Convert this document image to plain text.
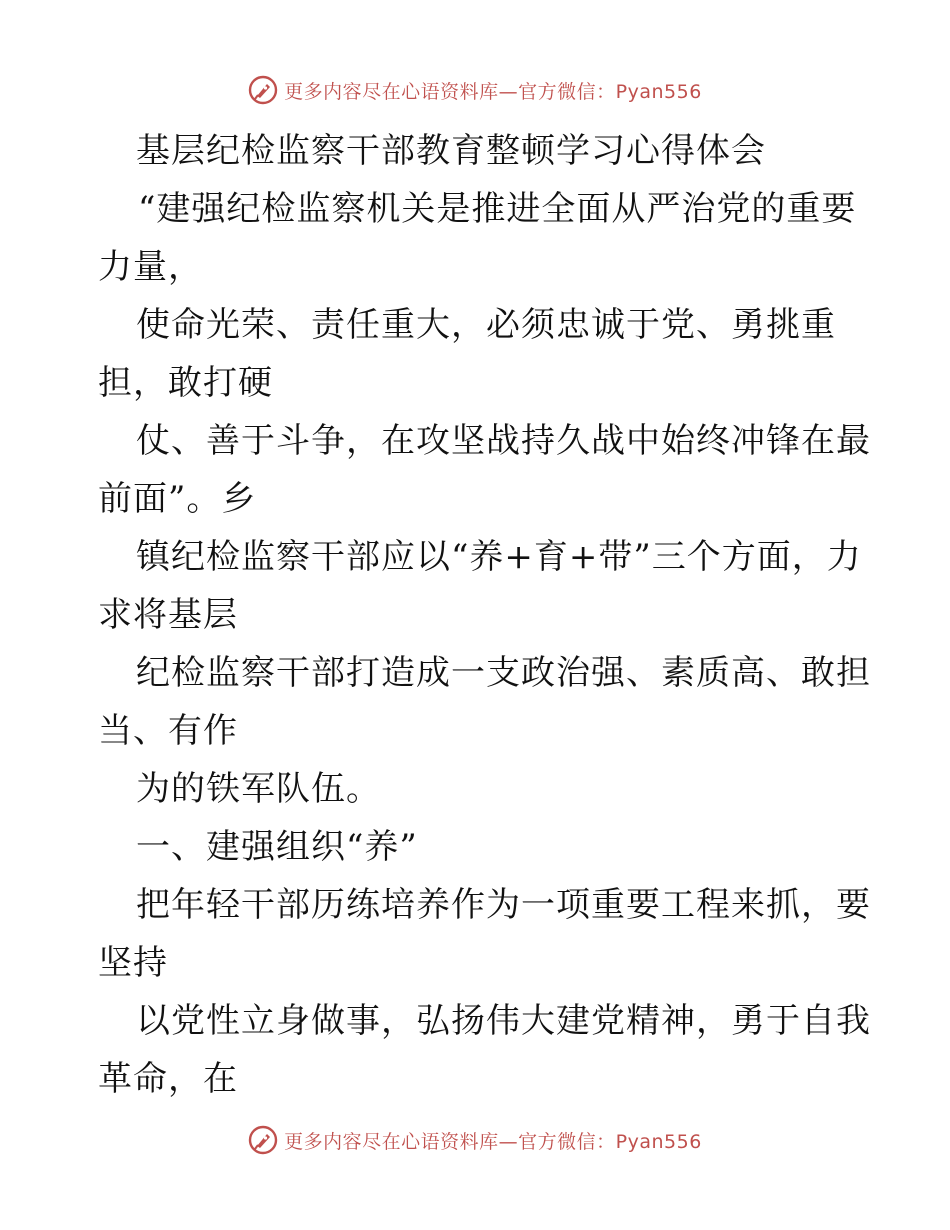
更多内容尽在心语资料库—官方微信：Pyan556
基层纪检监察干部教育整顿学习心得体会
“建强纪检监察机关是推进全面从严治党的重要
力量，
使命光荣、责任重大，必须忠诚于党、勇挑重
担，敢打硬
仗、善于斗争，在攻坚战持久战中始终冲锋在最
前面”。乡
镇纪检监察干部应以“养+育+带”三个方面，力
求将基层
纪检监察干部打造成一支政治强、素质高、敢担
当、有作
为的铁军队伍。
一、建强组织“养”
把年轻干部历练培养作为一项重要工程来抓，要
坚持
以党性立身做事，弘扬伟大建党精神，勇于自我
革命，在
更多内容尽在心语资料库—官方微信：Pyan556
